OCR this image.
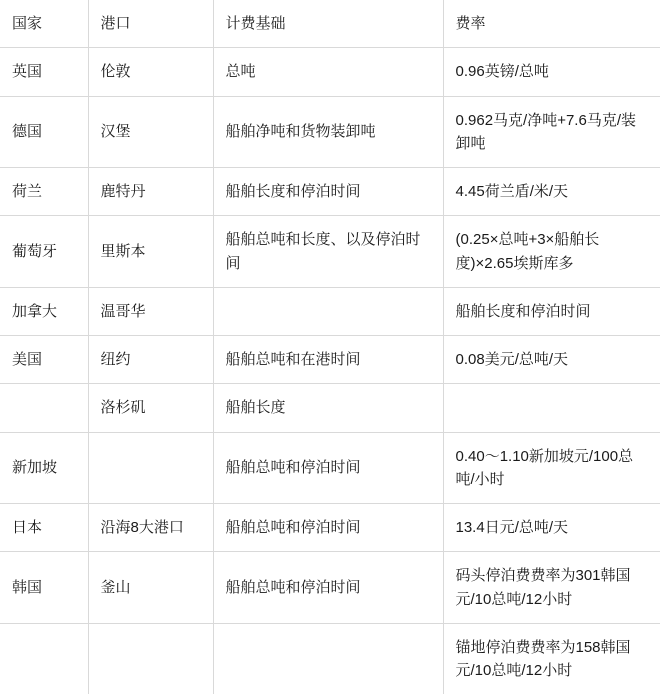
国家	港口	计费基础	费率
英国	伦敦	总吨	0.96英镑/总吨
德国	汉堡	船舶净吨和货物装卸吨	0.962马克/净吨+7.6马克/装卸吨
荷兰	鹿特丹	船舶长度和停泊时间	4.45荷兰盾/米/天
葡萄牙	里斯本	船舶总吨和长度、以及停泊时间	(0.25×总吨+3×船舶长度)×2.65埃斯库多
加拿大	温哥华		船舶长度和停泊时间
美国	纽约	船舶总吨和在港时间	0.08美元/总吨/天
	洛杉矶	船舶长度	
新加坡		船舶总吨和停泊时间	0.40～1.10新加坡元/100总吨/小时
日本	沿海8大港口	船舶总吨和停泊时间	13.4日元/总吨/天
韩国	釜山	船舶总吨和停泊时间	码头停泊费费率为301韩国元/10总吨/12小时
			锚地停泊费费率为158韩国元/10总吨/12小时
